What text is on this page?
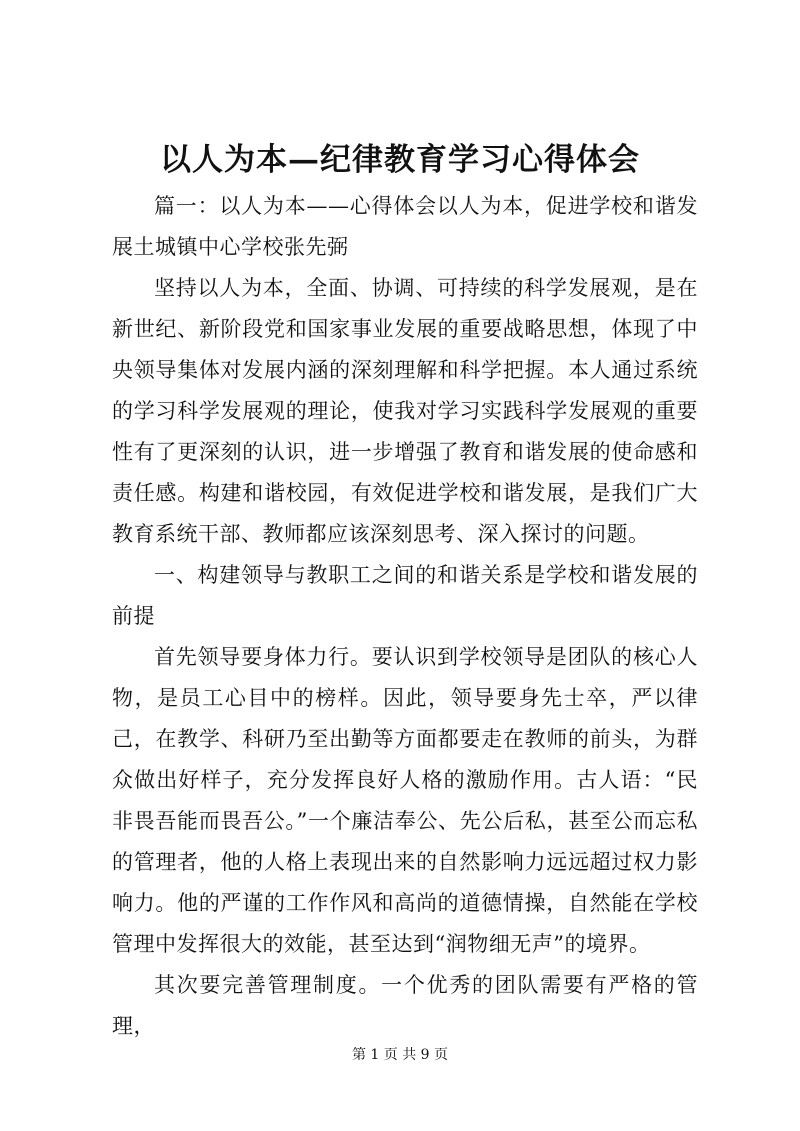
以人为本—纪律教育学习心得体会

篇一：以人为本——心得体会以人为本，促进学校和谐发展土城镇中心学校张先弼

坚持以人为本，全面、协调、可持续的科学发展观，是在新世纪、新阶段党和国家事业发展的重要战略思想，体现了中央领导集体对发展内涵的深刻理解和科学把握。本人通过系统的学习科学发展观的理论，使我对学习实践科学发展观的重要性有了更深刻的认识，进一步增强了教育和谐发展的使命感和责任感。构建和谐校园，有效促进学校和谐发展，是我们广大教育系统干部、教师都应该深刻思考、深入探讨的问题。

一、构建领导与教职工之间的和谐关系是学校和谐发展的前提

首先领导要身体力行。要认识到学校领导是团队的核心人物，是员工心目中的榜样。因此，领导要身先士卒，严以律己，在教学、科研乃至出勤等方面都要走在教师的前头，为群众做出好样子，充分发挥良好人格的激励作用。古人语：“民非畏吾能而畏吾公。”一个廉洁奉公、先公后私，甚至公而忘私的管理者，他的人格上表现出来的自然影响力远远超过权力影响力。他的严谨的工作作风和高尚的道德情操，自然能在学校管理中发挥很大的效能，甚至达到“润物细无声”的境界。

其次要完善管理制度。一个优秀的团队需要有严格的管理，

第 1 页 共 9 页
